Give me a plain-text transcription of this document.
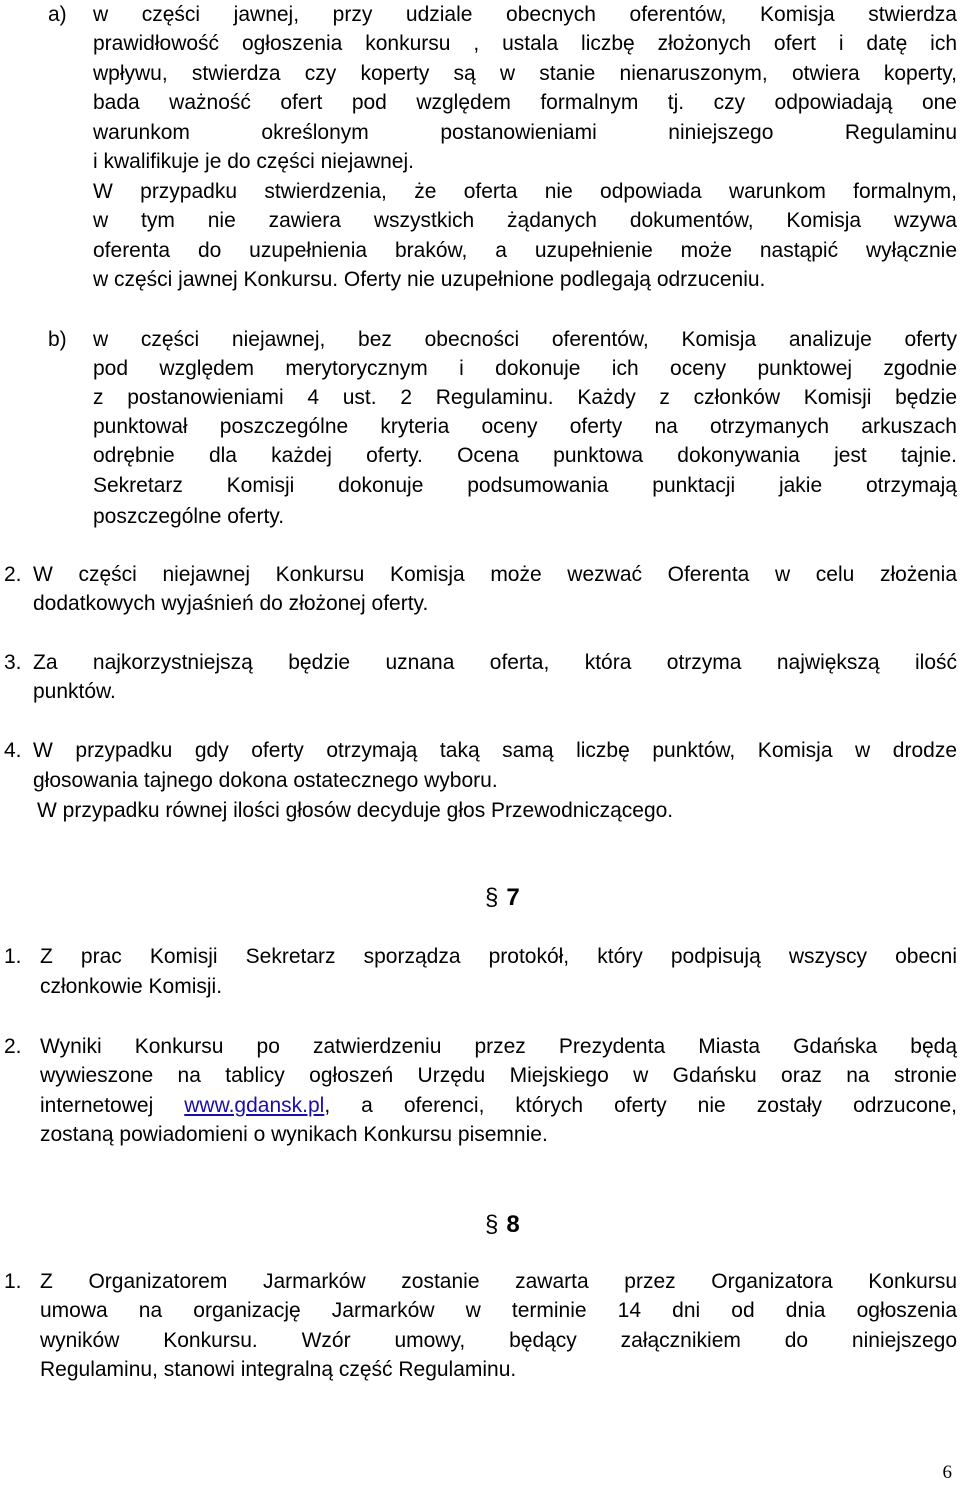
a) w części jawnej, przy udziale obecnych oferentów, Komisja stwierdza
prawidłowość ogłoszenia konkursu , ustala liczbę złożonych ofert i datę ich
wpływu, stwierdza czy koperty są w stanie nienaruszonym, otwiera koperty,
bada ważność ofert pod względem formalnym tj. czy odpowiadają one
warunkom określonym postanowieniami niniejszego Regulaminu
i kwalifikuje je do części niejawnej.
W przypadku stwierdzenia, że oferta nie odpowiada warunkom formalnym,
w tym nie zawiera wszystkich żądanych dokumentów, Komisja wzywa
oferenta do uzupełnienia braków, a uzupełnienie może nastąpić wyłącznie
w części jawnej Konkursu. Oferty nie uzupełnione podlegają odrzuceniu.
b) w części niejawnej, bez obecności oferentów, Komisja analizuje oferty
pod względem merytorycznym i dokonuje ich oceny punktowej zgodnie
z postanowieniami 4 ust. 2 Regulaminu. Każdy z członków Komisji będzie
punktował poszczególne kryteria oceny oferty na otrzymanych arkuszach
odrębnie dla każdej oferty. Ocena punktowa dokonywania jest tajnie.
Sekretarz Komisji dokonuje podsumowania punktacji jakie otrzymają
poszczególne oferty.
2. W części niejawnej Konkursu Komisja może wezwać Oferenta w celu złożenia
dodatkowych wyjaśnień do złożonej oferty.
3. Za najkorzystniejszą będzie uznana oferta, która otrzyma największą ilość
punktów.
4. W przypadku gdy oferty otrzymają taką samą liczbę punktów, Komisja w drodze
głosowania tajnego dokona ostatecznego wyboru.
W przypadku równej ilości głosów decyduje głos Przewodniczącego.
§ 7
1. Z prac Komisji Sekretarz sporządza protokół, który podpisują wszyscy obecni
członkowie Komisji.
2. Wyniki Konkursu po zatwierdzeniu przez Prezydenta Miasta Gdańska będą
wywieszone na tablicy ogłoszeń Urzędu Miejskiego w Gdańsku oraz na stronie
internetowej www.gdansk.pl, a oferenci, których oferty nie zostały odrzucone,
zostaną powiadomieni o wynikach Konkursu pisemnie.
§ 8
1. Z Organizatorem Jarmarków zostanie zawarta przez Organizatora Konkursu
umowa na organizację Jarmarków w terminie 14 dni od dnia ogłoszenia
wyników Konkursu. Wzór umowy, będący załącznikiem do niniejszego
Regulaminu, stanowi integralną część Regulaminu.
6
